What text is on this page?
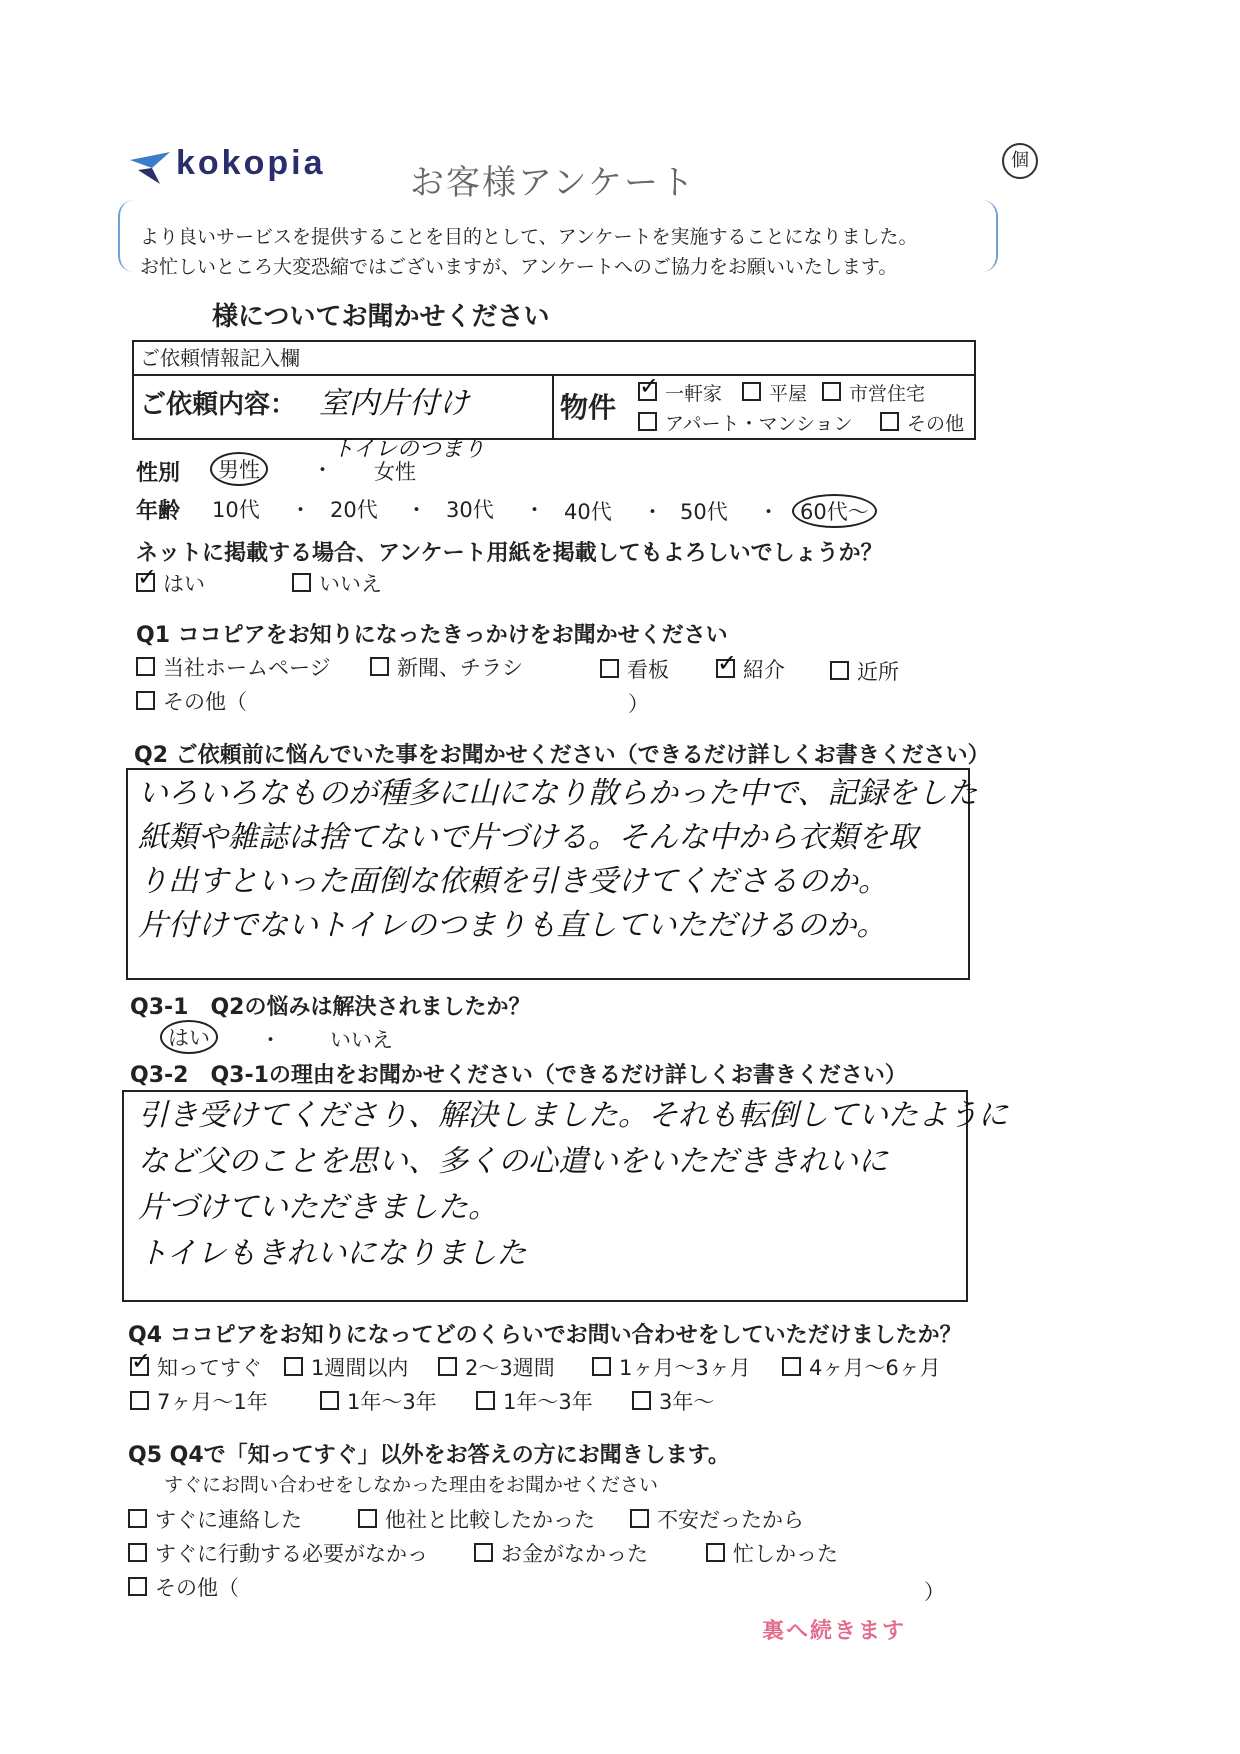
kokopia お客様アンケート
個
より良いサービスを提供することを目的として、アンケートを実施することになりました。
お忙しいところ大変恐縮ではございますが、アンケートへのご協力をお願いいたします。
様についてお聞かせください
ご依頼情報記入欄
ご依頼内容： 室内片付け	物件 ✓	一軒家	平屋	市営住宅
アパート・マンション	その他
トイレのつまり
性別	男性	・ 女性
年齢 10代 ・ 20代 ・ 30代 ・ 40代 ・ 50代 ・	60代〜
ネットに掲載する場合、アンケート用紙を掲載してもよろしいでしょうか？
✓はい	いいえ
Q1 ココピアをお知りになったきっかけをお聞かせください
当社ホームページ	新聞、チラシ	看板 ✓	紹介	近所
その他（	）
Q2 ご依頼前に悩んでいた事をお聞かせください（できるだけ詳しくお書きください）
いろいろなものが種多に山になり散らかった中で、記録をした
紙類や雑誌は捨てないで片づける。そんな中から衣類を取
り出すといった面倒な依頼を引き受けてくださるのか。
片付けでないトイレのつまりも直していただけるのか。
Q3-1　Q2の悩みは解決されましたか？
はい	・ いいえ
Q3-2　Q3-1の理由をお聞かせください（できるだけ詳しくお書きください）
引き受けてくださり、解決しました。それも転倒していたように
など父のことを思い、多くの心遣いをいただききれいに
片づけていただきました。
トイレもきれいになりました
Q4 ココピアをお知りになってどのくらいでお問い合わせをしていただけましたか？
✓知ってすぐ	1週間以内	2〜3週間	1ヶ月〜3ヶ月	4ヶ月〜6ヶ月
7ヶ月〜1年	1年〜3年	1年〜3年	3年〜
Q5 Q4で「知ってすぐ」以外をお答えの方にお聞きします。
すぐにお問い合わせをしなかった理由をお聞かせください
すぐに連絡した	他社と比較したかった	不安だったから
すぐに行動する必要がなかっ	お金がなかった	忙しかった
その他（	）
裏へ続きます
